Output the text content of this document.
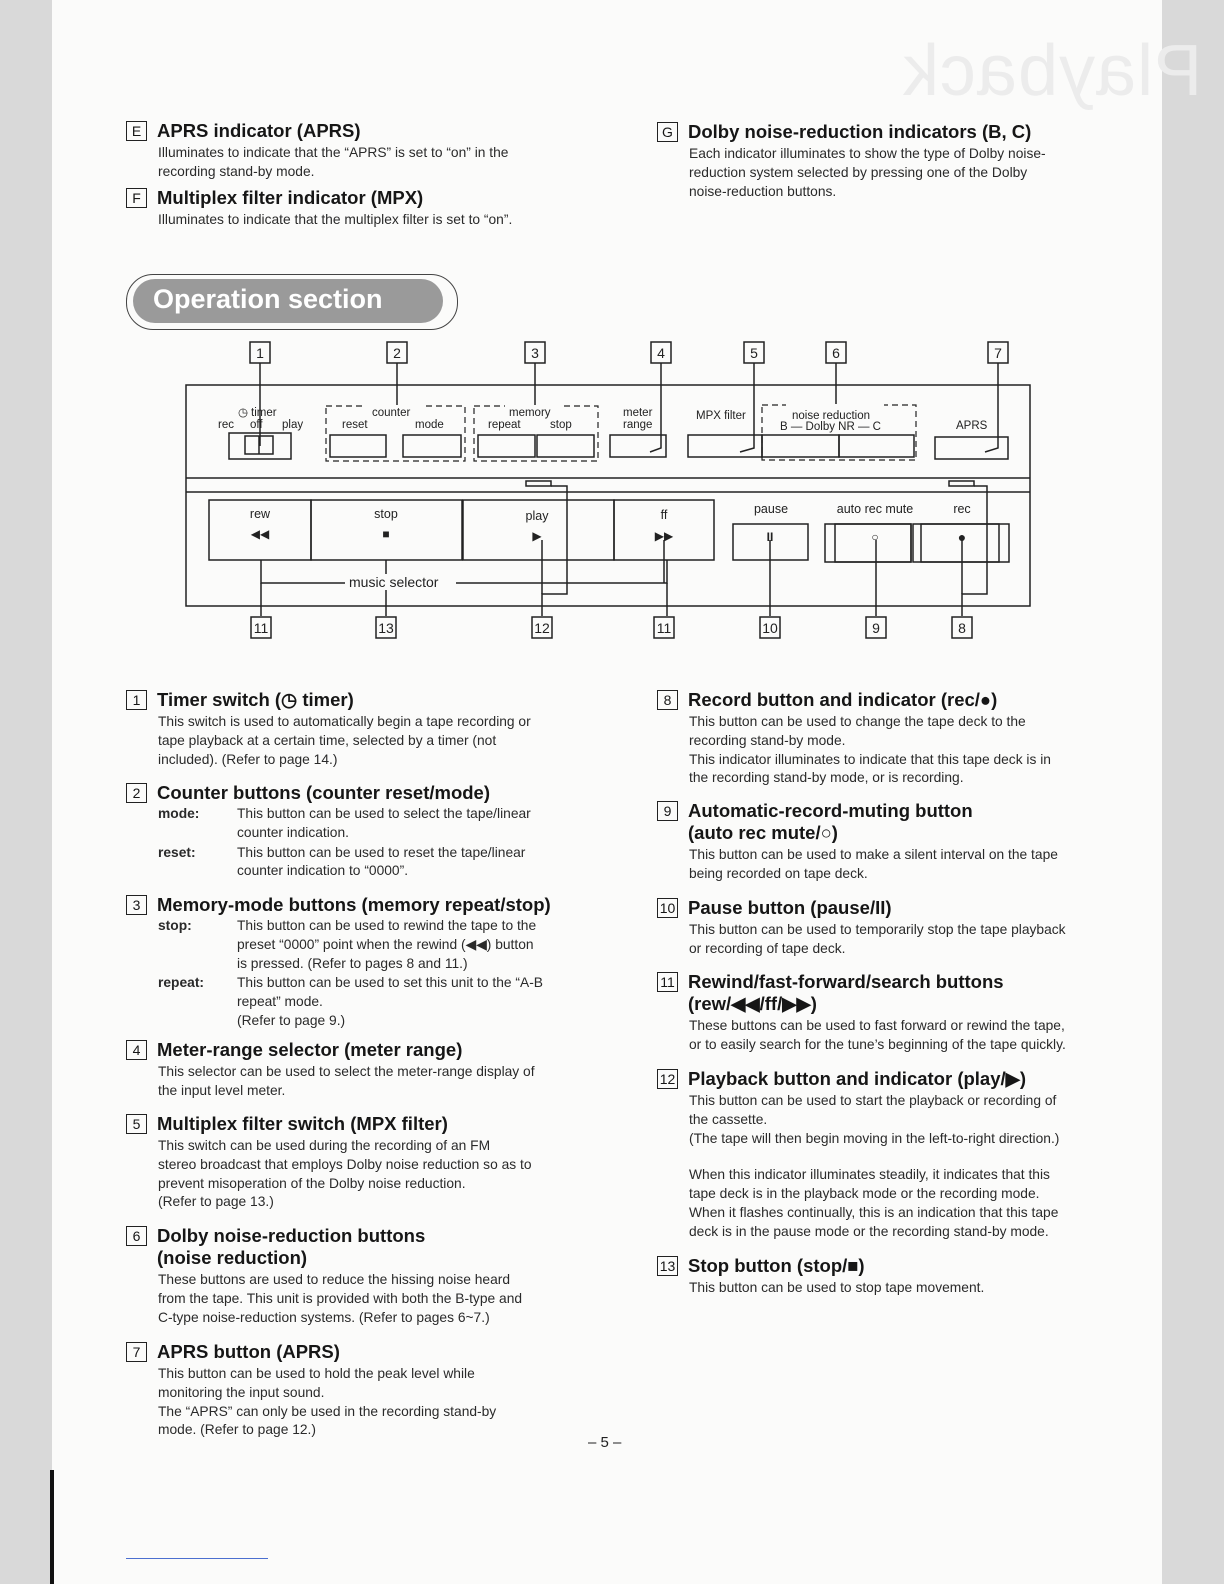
Playback
E APRS indicator (APRS)

Illuminates to indicate that the “APRS” is set to “on” in the
recording stand-by mode.

F Multiplex filter indicator (MPX)

Illuminates to indicate that the multiplex filter is set to “on”.

G Dolby noise-reduction indicators (B, C)

Each indicator illuminates to show the type of Dolby noise-
reduction system selected by pressing one of the Dolby
noise-reduction buttons.

Operation section
1	2	3	4	5	6	7
11	13	12	11	10	9	8
◷ timer
rec off play
counter
reset	mode
memory
repeat	stop
meter
range
MPX filter	noise reduction
B — Dolby NR — C	APRS
rew	stop	play	ff	pause	auto rec mute	rec
◀◀	■	▶	▶▶	II	○	●
music selector
1 Timer switch (◷ timer)

This switch is used to automatically begin a tape recording or
tape playback at a certain time, selected by a timer (not
included). (Refer to page 14.)

2 Counter buttons (counter reset/mode)
mode:	This button can be used to select the tape/linear
counter indication.
reset:	This button can be used to reset the tape/linear
counter indication to “0000”.
3 Memory-mode buttons (memory repeat/stop)
stop:	This button can be used to rewind the tape to the
preset “0000” point when the rewind (◀◀) button
is pressed. (Refer to pages 8 and 11.)
repeat:	This button can be used to set this unit to the “A-B
repeat” mode.
(Refer to page 9.)
4 Meter-range selector (meter range)

This selector can be used to select the meter-range display of
the input level meter.

5 Multiplex filter switch (MPX filter)

This switch can be used during the recording of an FM
stereo broadcast that employs Dolby noise reduction so as to
prevent misoperation of the Dolby noise reduction.
(Refer to page 13.)

6 Dolby noise-reduction buttons
(noise reduction)

These buttons are used to reduce the hissing noise heard
from the tape. This unit is provided with both the B-type and
C-type noise-reduction systems. (Refer to pages 6~7.)

7 APRS button (APRS)

This button can be used to hold the peak level while
monitoring the input sound.
The “APRS” can only be used in the recording stand-by
mode. (Refer to page 12.)

8 Record button and indicator (rec/●)

This button can be used to change the tape deck to the
recording stand-by mode.
This indicator illuminates to indicate that this tape deck is in
the recording stand-by mode, or is recording.

9 Automatic-record-muting button
(auto rec mute/○)

This button can be used to make a silent interval on the tape
being recorded on tape deck.

10 Pause button (pause/II)

This button can be used to temporarily stop the tape playback
or recording of tape deck.

11 Rewind/fast-forward/search buttons
(rew/◀◀/ff/▶▶)

These buttons can be used to fast forward or rewind the tape,
or to easily search for the tune’s beginning of the tape quickly.

12 Playback button and indicator (play/▶)

This button can be used to start the playback or recording of
the cassette.
(The tape will then begin moving in the left-to-right direction.)

When this indicator illuminates steadily, it indicates that this
tape deck is in the playback mode or the recording mode.
When it flashes continually, this is an indication that this tape
deck is in the pause mode or the recording stand-by mode.

13 Stop button (stop/■)

This button can be used to stop tape movement.

– 5 –
